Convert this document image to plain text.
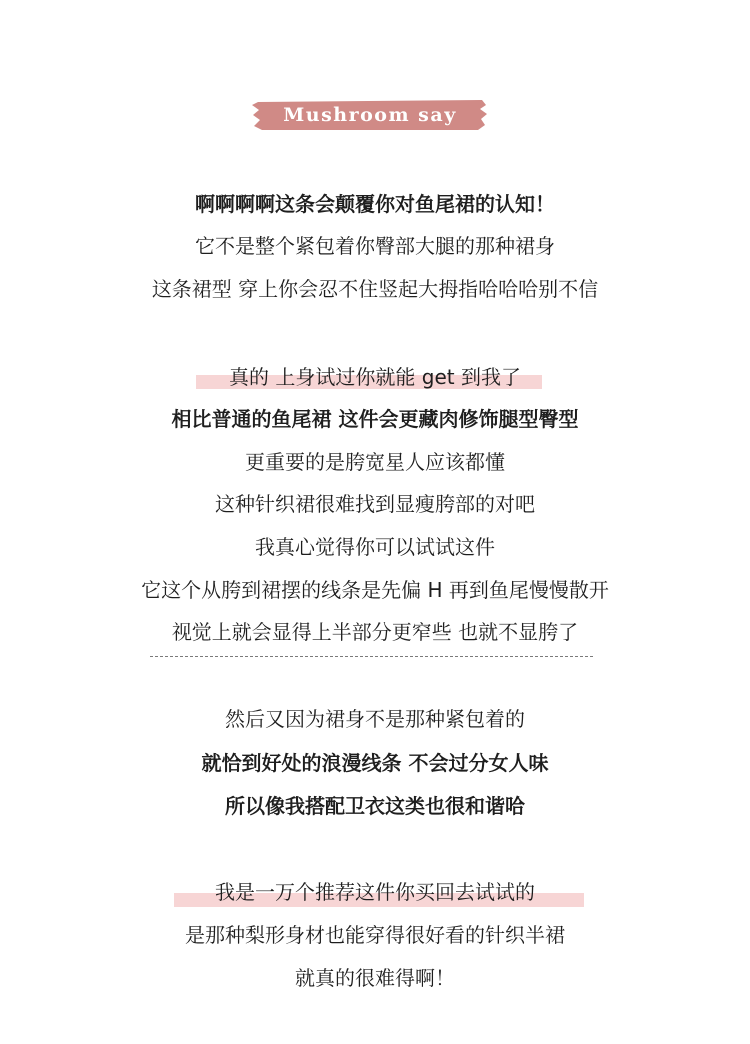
Mushroom say
啊啊啊啊这条会颠覆你对鱼尾裙的认知！
它不是整个紧包着你臀部大腿的那种裙身
这条裙型 穿上你会忍不住竖起大拇指哈哈哈别不信
真的 上身试过你就能 get 到我了
相比普通的鱼尾裙 这件会更藏肉修饰腿型臀型
更重要的是胯宽星人应该都懂
这种针织裙很难找到显瘦胯部的对吧
我真心觉得你可以试试这件
它这个从胯到裙摆的线条是先偏 H 再到鱼尾慢慢散开
视觉上就会显得上半部分更窄些 也就不显胯了
然后又因为裙身不是那种紧包着的
就恰到好处的浪漫线条 不会过分女人味
所以像我搭配卫衣这类也很和谐哈
我是一万个推荐这件你买回去试试的
是那种梨形身材也能穿得很好看的针织半裙
就真的很难得啊！
